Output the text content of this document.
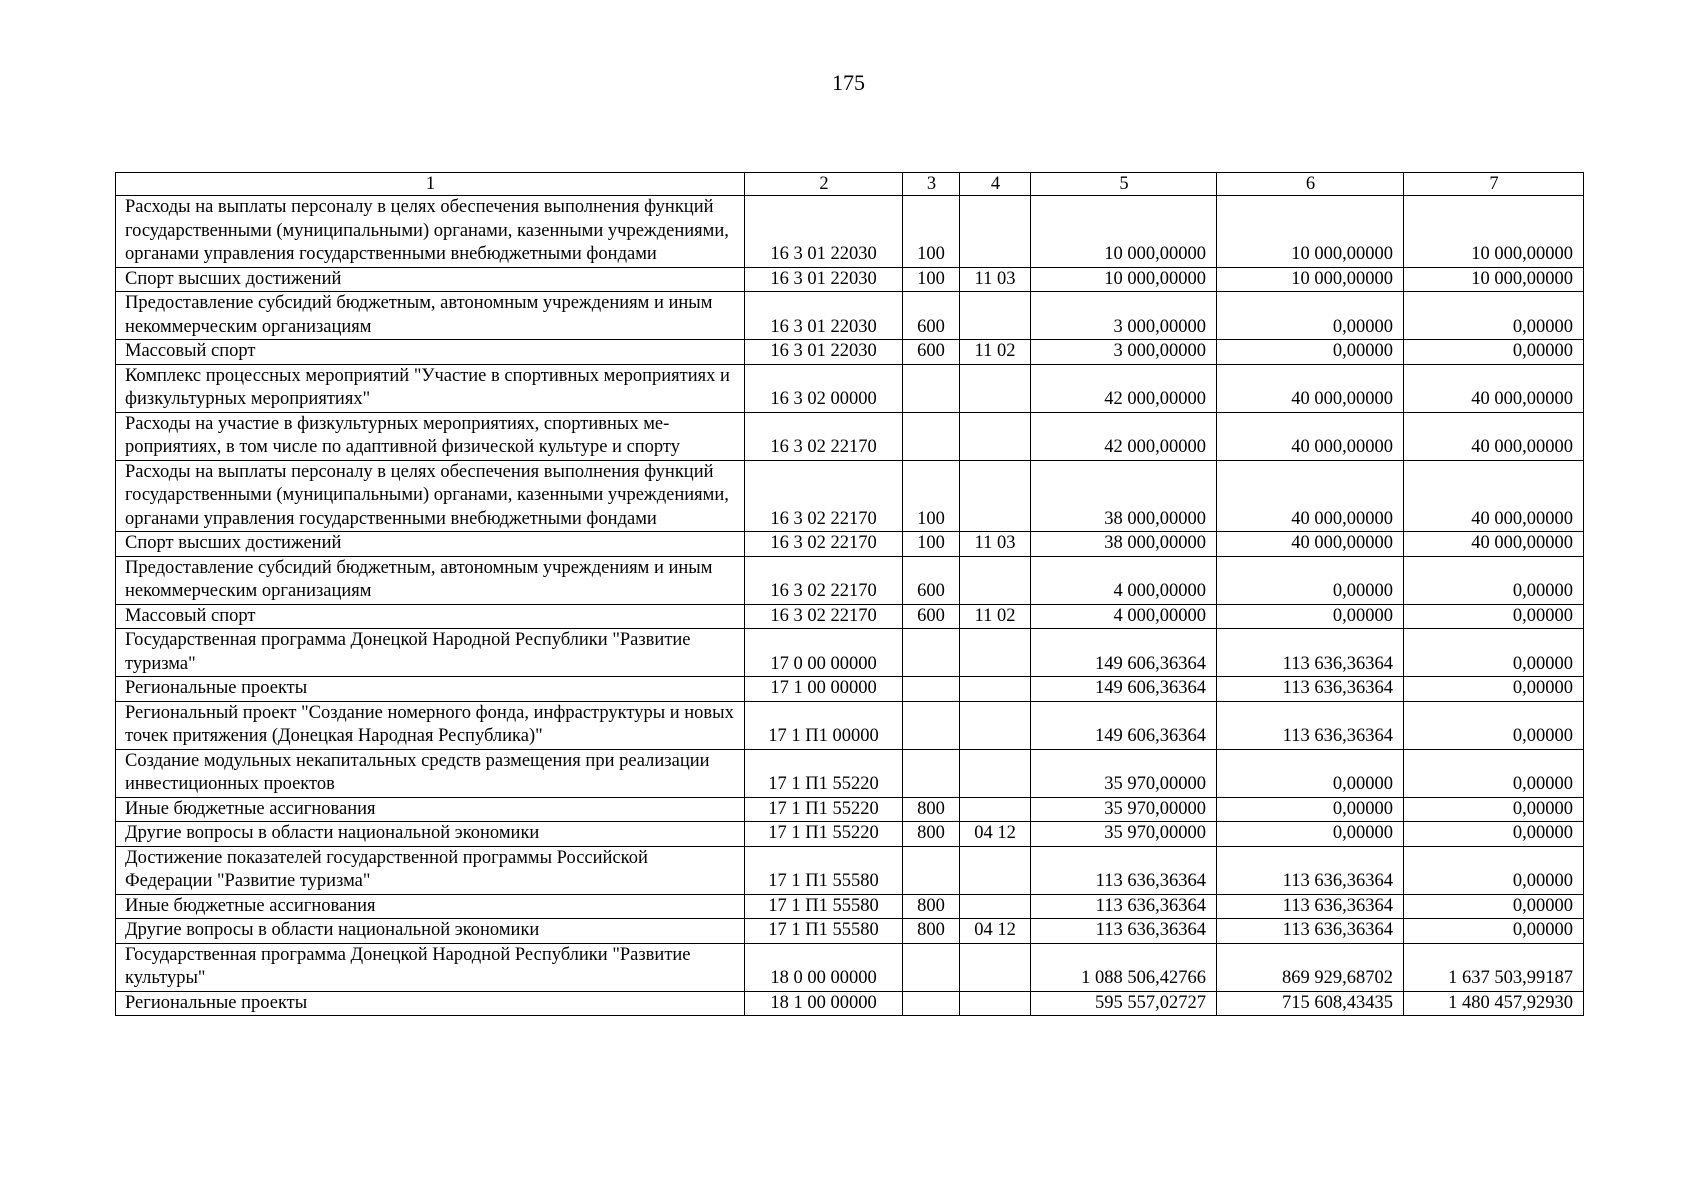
175
1	2	3	4	5	6	7
Расходы на выплаты персоналу в целях обеспечения выполнения функций государственными (муниципальными) органами, казенными учреждениями, органами управления государственными внебюджетными фондами	16 3 01 22030	100		10 000,00000	10 000,00000	10 000,00000
Спорт высших достижений	16 3 01 22030	100	11 03	10 000,00000	10 000,00000	10 000,00000
Предоставление субсидий бюджетным, автономным учреждениям и иным некоммерческим организациям	16 3 01 22030	600		3 000,00000	0,00000	0,00000
Массовый спорт	16 3 01 22030	600	11 02	3 000,00000	0,00000	0,00000
Комплекс процессных мероприятий "Участие в спортивных мероприятиях и физкультурных мероприятиях"	16 3 02 00000			42 000,00000	40 000,00000	40 000,00000
Расходы на участие в физкультурных мероприятиях, спортивных мероприятиях, в том числе по адаптивной физической культуре и спорту	16 3 02 22170			42 000,00000	40 000,00000	40 000,00000
Расходы на выплаты персоналу в целях обеспечения выполнения функций государственными (муниципальными) органами, казенными учреждениями, органами управления государственными внебюджетными фондами	16 3 02 22170	100		38 000,00000	40 000,00000	40 000,00000
Спорт высших достижений	16 3 02 22170	100	11 03	38 000,00000	40 000,00000	40 000,00000
Предоставление субсидий бюджетным, автономным учреждениям и иным некоммерческим организациям	16 3 02 22170	600		4 000,00000	0,00000	0,00000
Массовый спорт	16 3 02 22170	600	11 02	4 000,00000	0,00000	0,00000
Государственная программа Донецкой Народной Республики "Развитие туризма"	17 0 00 00000			149 606,36364	113 636,36364	0,00000
Региональные проекты	17 1 00 00000			149 606,36364	113 636,36364	0,00000
Региональный проект "Создание номерного фонда, инфраструктуры и новых точек притяжения (Донецкая Народная Республика)"	17 1 П1 00000			149 606,36364	113 636,36364	0,00000
Создание модульных некапитальных средств размещения при реализации инвестиционных проектов	17 1 П1 55220			35 970,00000	0,00000	0,00000
Иные бюджетные ассигнования	17 1 П1 55220	800		35 970,00000	0,00000	0,00000
Другие вопросы в области национальной экономики	17 1 П1 55220	800	04 12	35 970,00000	0,00000	0,00000
Достижение показателей государственной программы Российской Федерации "Развитие туризма"	17 1 П1 55580			113 636,36364	113 636,36364	0,00000
Иные бюджетные ассигнования	17 1 П1 55580	800		113 636,36364	113 636,36364	0,00000
Другие вопросы в области национальной экономики	17 1 П1 55580	800	04 12	113 636,36364	113 636,36364	0,00000
Государственная программа Донецкой Народной Республики "Развитие культуры"	18 0 00 00000			1 088 506,42766	869 929,68702	1 637 503,99187
Региональные проекты	18 1 00 00000			595 557,02727	715 608,43435	1 480 457,92930
